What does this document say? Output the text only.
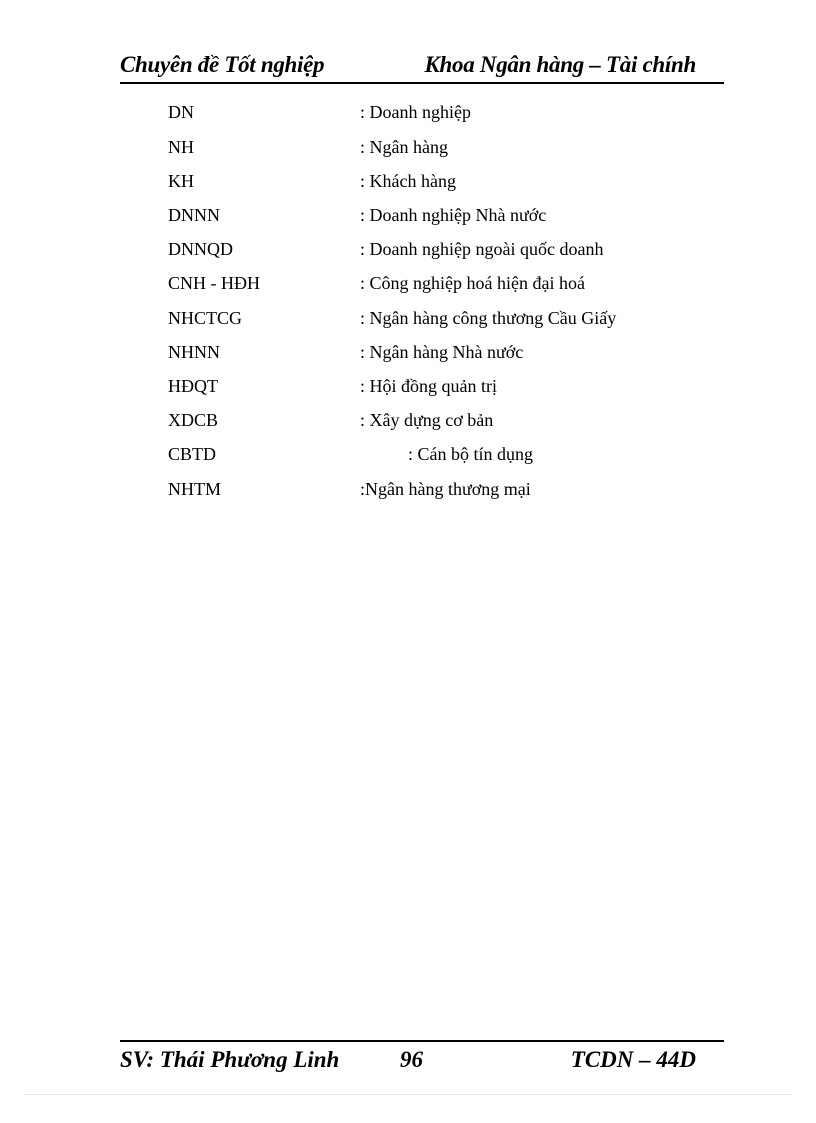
Chuyên đề Tốt nghiệp	Khoa Ngân hàng – Tài chính
DN	: Doanh nghiệp
NH	: Ngân hàng
KH	: Khách hàng
DNNN	: Doanh nghiệp Nhà nước
DNNQD	: Doanh nghiệp ngoài quốc doanh
CNH - HĐH	: Công nghiệp hoá hiện đại hoá
NHCTCG	: Ngân hàng công thương Cầu Giấy
NHNN	: Ngân hàng Nhà nước
HĐQT	: Hội đồng quản trị
XDCB	: Xây dựng cơ bản
CBTD	: Cán bộ tín dụng
NHTM	:Ngân hàng thương mại
SV: Thái Phương Linh	96	TCDN – 44D
